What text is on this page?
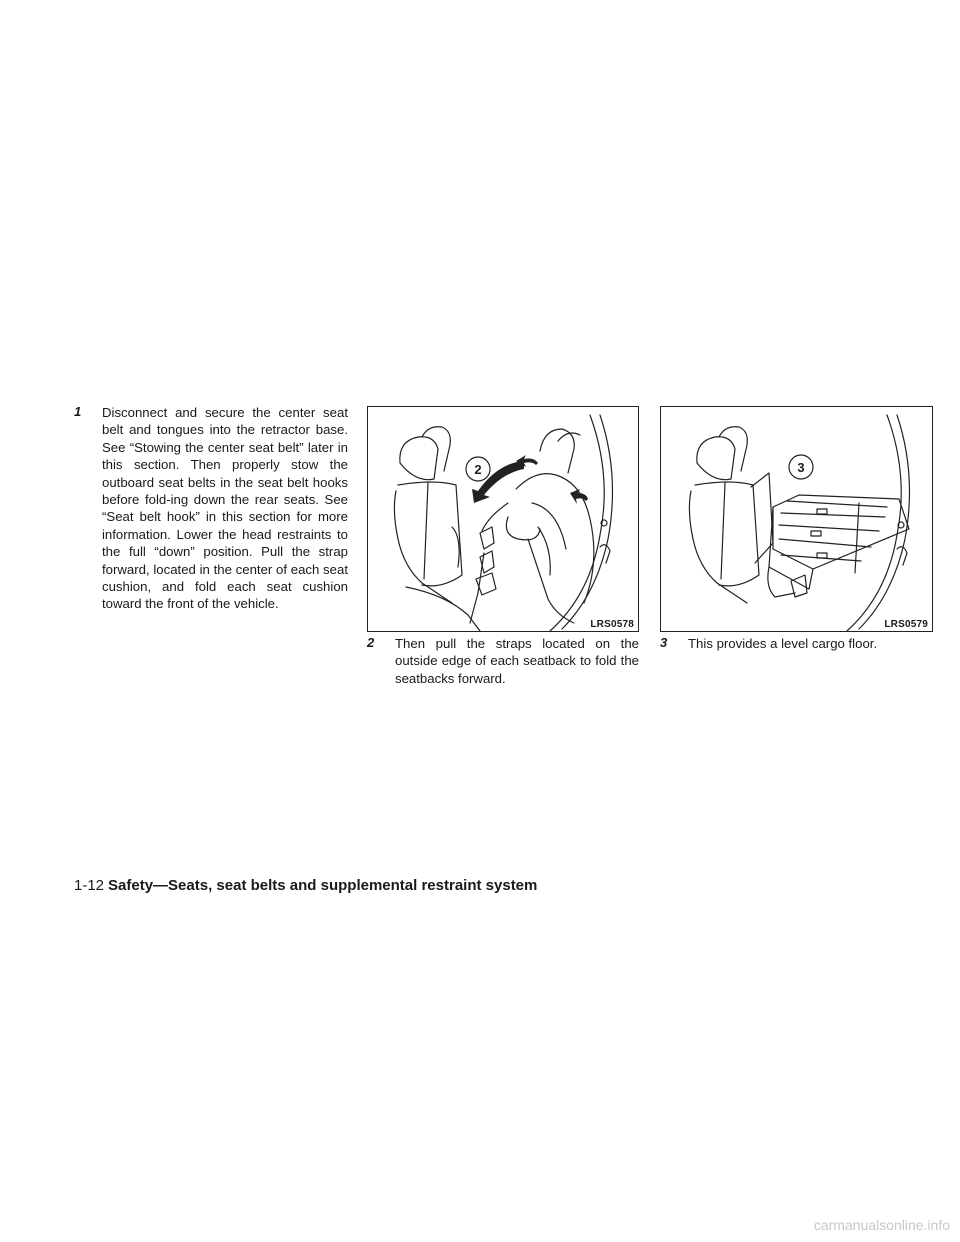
1	Disconnect and secure the center seat belt and tongues into the retractor base. See “Stowing the center seat belt” later in this section. Then properly stow the outboard seat belts in the seat belt hooks before fold-ing down the rear seats. See “Seat belt hook” in this section for more information. Lower the head restraints to the full “down” position. Pull the strap forward, located in the center of each seat cushion, and fold each seat cushion toward the front of the vehicle.
2
LRS0578
2	Then pull the straps located on the outside edge of each seatback to fold the seatbacks forward.
3
LRS0579
3	This provides a level cargo floor.
1-12 Safety—Seats, seat belts and supplemental restraint system
carmanualsonline.info
